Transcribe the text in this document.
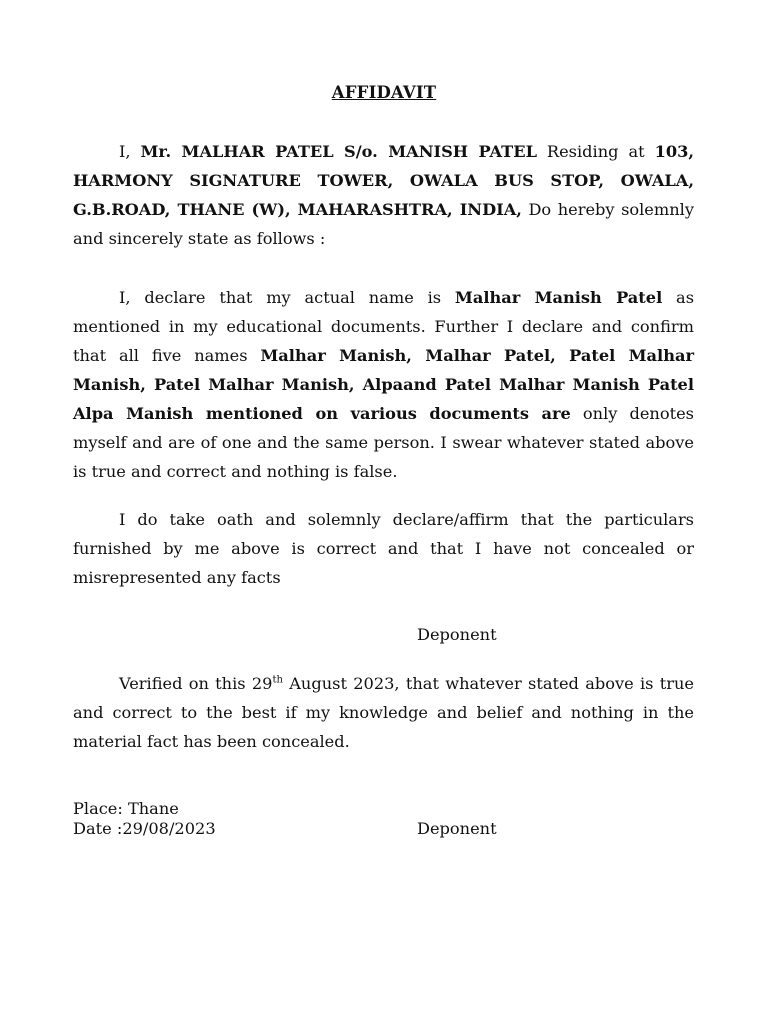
AFFIDAVIT

I, Mr. MALHAR PATEL S/o. MANISH PATEL Residing at 103, HARMONY SIGNATURE TOWER, OWALA BUS STOP, OWALA, G.B.ROAD, THANE (W), MAHARASHTRA, INDIA, Do hereby solemnly and sincerely state as follows :

I, declare that my actual name is Malhar Manish Patel as mentioned in my educational documents. Further I declare and confirm that all five names Malhar Manish, Malhar Patel, Patel Malhar Manish, Patel Malhar Manish, Alpaand Patel Malhar Manish Patel Alpa Manish mentioned on various documents are only denotes myself and are of one and the same person. I swear whatever stated above is true and correct and nothing is false.

I do take oath and solemnly declare/affirm that the particulars furnished by me above is correct and that I have not concealed or misrepresented any facts

Deponent

Verified on this 29th August 2023, that whatever stated above is true and correct to the best if my knowledge and belief and nothing in the material fact has been concealed.

Place: Thane
Date :29/08/2023	Deponent
